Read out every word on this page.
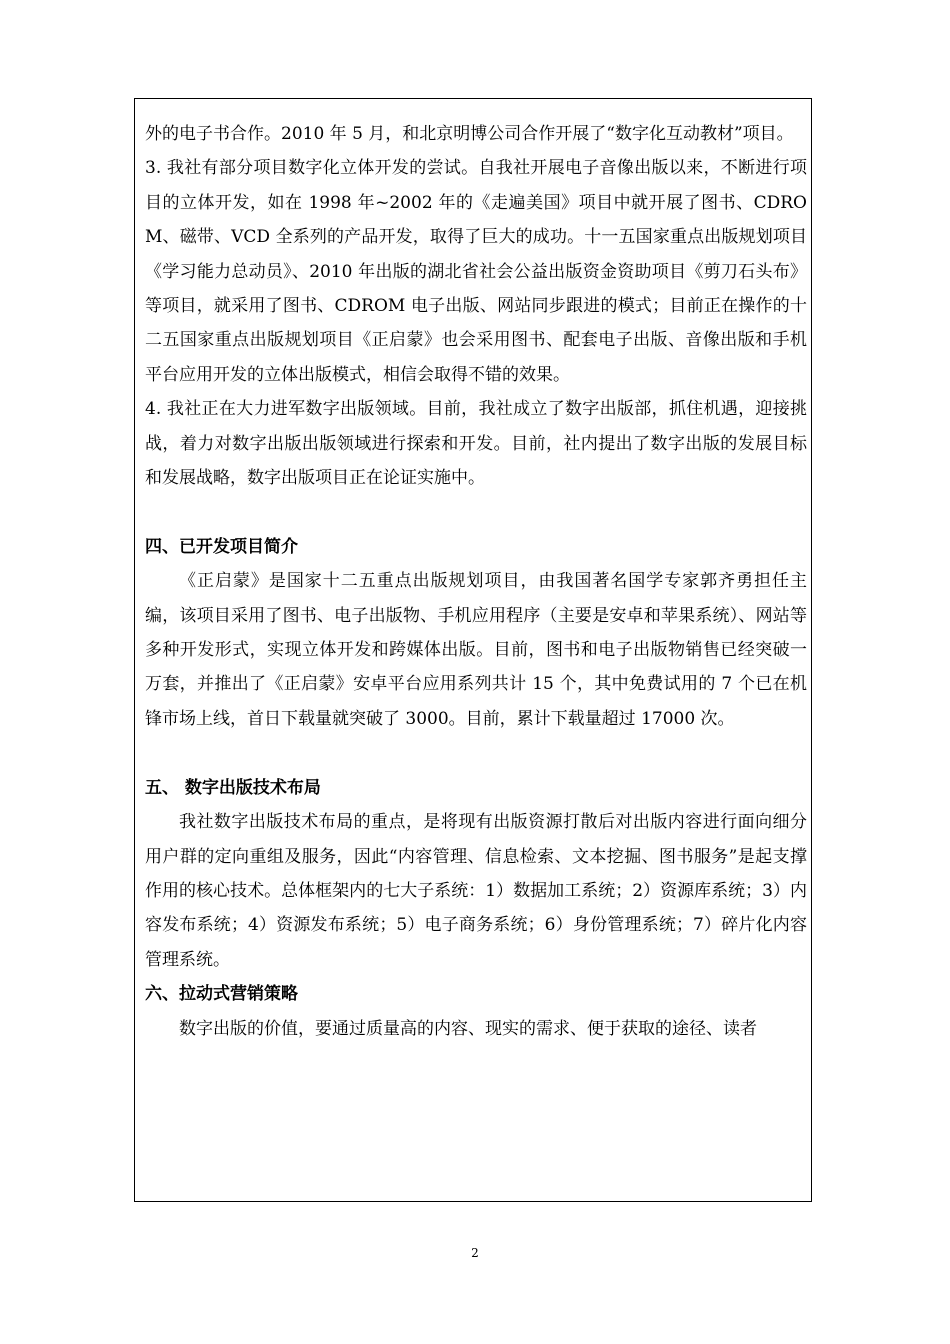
外的电子书合作。2010 年 5 月，和北京明博公司合作开展了“数字化互动教材”项目。

3. 我社有部分项目数字化立体开发的尝试。自我社开展电子音像出版以来，不断进行项目的立体开发，如在 1998 年~2002 年的《走遍美国》项目中就开展了图书、CDROM、磁带、VCD 全系列的产品开发，取得了巨大的成功。十一五国家重点出版规划项目《学习能力总动员》、2010 年出版的湖北省社会公益出版资金资助项目《剪刀石头布》等项目，就采用了图书、CDROM 电子出版、网站同步跟进的模式；目前正在操作的十二五国家重点出版规划项目《正启蒙》也会采用图书、配套电子出版、音像出版和手机平台应用开发的立体出版模式，相信会取得不错的效果。

4. 我社正在大力进军数字出版领域。目前，我社成立了数字出版部，抓住机遇，迎接挑战，着力对数字出版出版领域进行探索和开发。目前，社内提出了数字出版的发展目标和发展战略，数字出版项目正在论证实施中。

四、已开发项目简介

《正启蒙》是国家十二五重点出版规划项目，由我国著名国学专家郭齐勇担任主编，该项目采用了图书、电子出版物、手机应用程序（主要是安卓和苹果系统）、网站等多种开发形式，实现立体开发和跨媒体出版。目前，图书和电子出版物销售已经突破一万套，并推出了《正启蒙》安卓平台应用系列共计 15 个，其中免费试用的 7 个已在机锋市场上线，首日下载量就突破了 3000。目前，累计下载量超过 17000 次。

五、 数字出版技术布局

我社数字出版技术布局的重点，是将现有出版资源打散后对出版内容进行面向细分用户群的定向重组及服务，因此“内容管理、信息检索、文本挖掘、图书服务”是起支撑作用的核心技术。总体框架内的七大子系统：1）数据加工系统；2）资源库系统；3）内容发布系统；4）资源发布系统；5）电子商务系统；6）身份管理系统；7）碎片化内容管理系统。

六、拉动式营销策略

数字出版的价值，要通过质量高的内容、现实的需求、便于获取的途径、读者

2
